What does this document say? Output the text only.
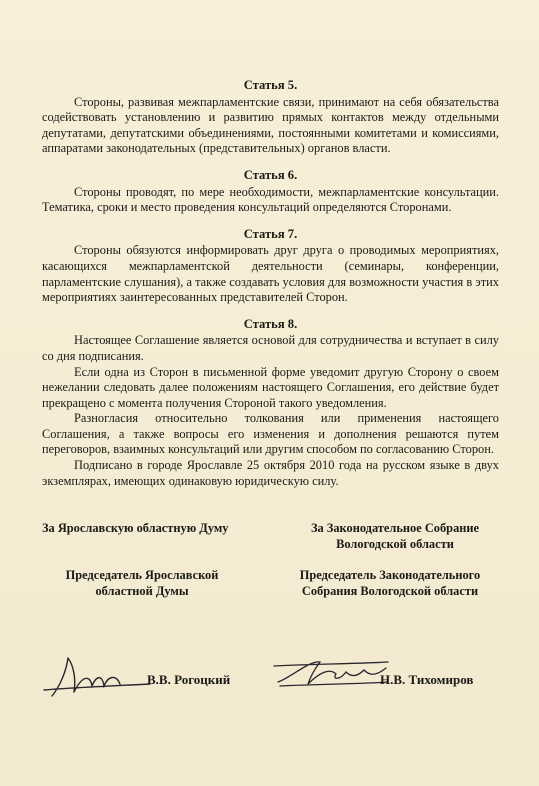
Статья 5.

Стороны, развивая межпарламентские связи, принимают на себя обязательства содействовать установлению и развитию прямых контактов между отдельными депутатами, депутатскими объединениями, постоянными комитетами и комиссиями, аппаратами законодательных (представительных) органов власти.

Статья 6.

Стороны проводят, по мере необходимости, межпарламентские консультации. Тематика, сроки и место проведения консультаций определяются Сторонами.

Статья 7.

Стороны обязуются информировать друг друга о проводимых мероприятиях, касающихся межпарламентской деятельности (семинары, конференции, парламентские слушания), а также создавать условия для возможности участия в этих мероприятиях заинтересованных представителей Сторон.

Статья 8.

Настоящее Соглашение является основой для сотрудничества и вступает в силу со дня подписания.

Если одна из Сторон в письменной форме уведомит другую Сторону о своем нежелании следовать далее положениям настоящего Соглашения, его действие будет прекращено с момента получения Стороной такого уведомления.

Разногласия относительно толкования или применения настоящего Соглашения, а также вопросы его изменения и дополнения решаются путем переговоров, взаимных консультаций или другим способом по согласованию Сторон.

Подписано в городе Ярославле 25 октября 2010 года на русском языке в двух экземплярах, имеющих одинаковую юридическую силу.

За Ярославскую областную Думу	За Законодательное Собрание
Вологодской области
Председатель Ярославской
областной Думы
Председатель Законодательного
Собрания Вологодской области
В.В. Рогоцкий	Н.В. Тихомиров
